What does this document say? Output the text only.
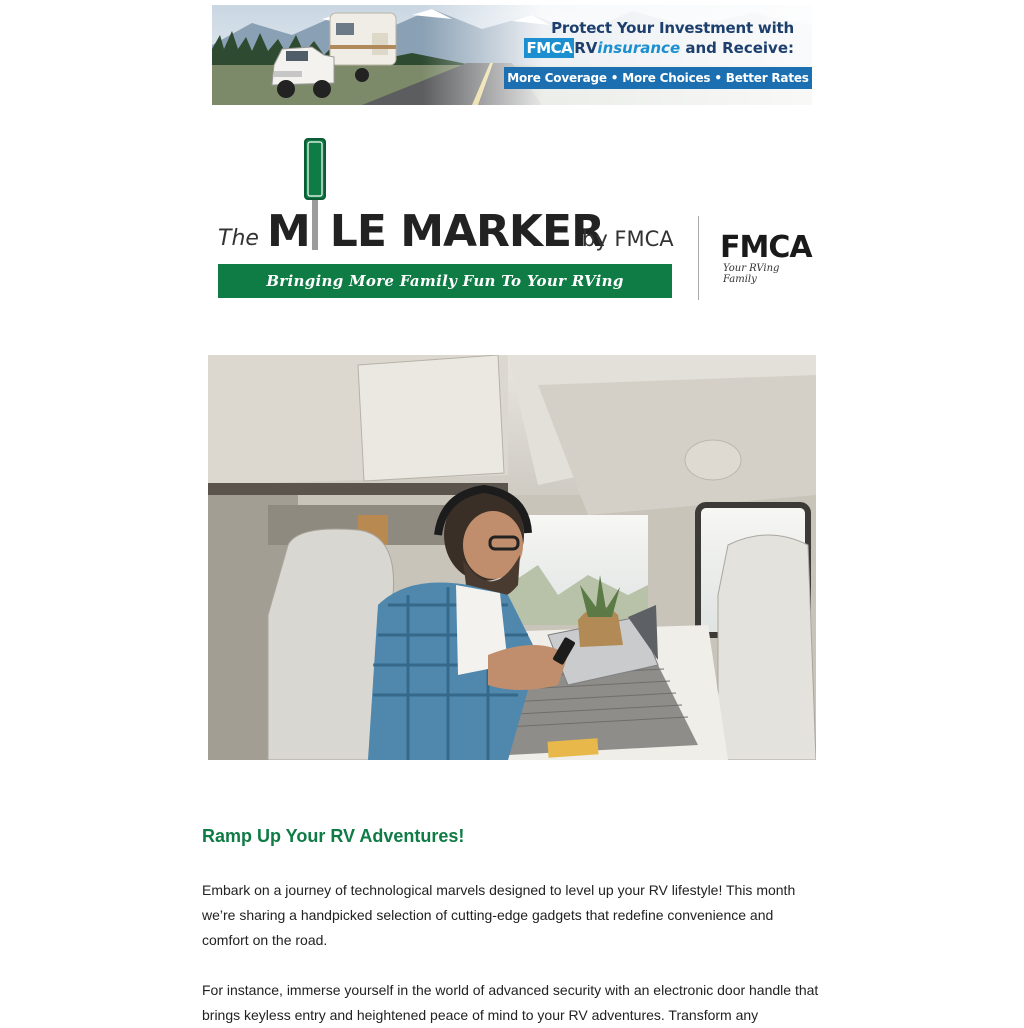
Protect Your Investment with
FMCA RVinsurance and Receive:
More Coverage • More Choices • Better Rates
The M LE MARKER
by FMCA
Bringing More Family Fun To Your RVing Adventures
FMCA
Your RVing Family
Ramp Up Your RV Adventures!

Embark on a journey of technological marvels designed to level up your RV lifestyle! This month we’re sharing a handpicked selection of cutting-edge gadgets that redefine convenience and comfort on the road.

For instance, immerse yourself in the world of advanced security with an electronic door handle that brings keyless entry and heightened peace of mind to your RV adventures. Transform any
